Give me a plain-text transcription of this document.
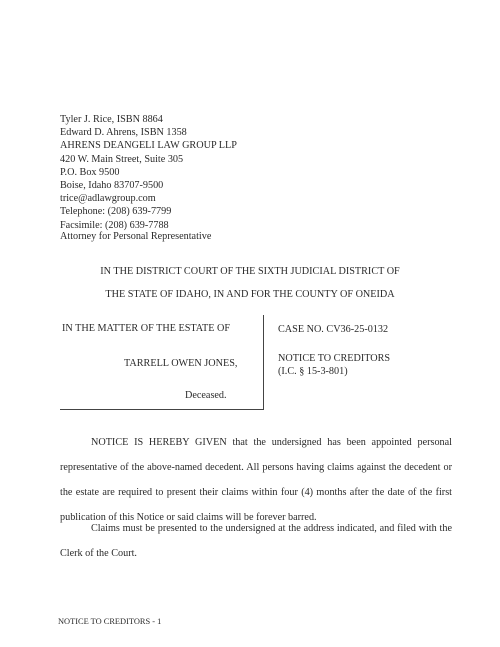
Tyler J. Rice, ISBN 8864
Edward D. Ahrens, ISBN 1358
AHRENS DEANGELI LAW GROUP LLP
420 W. Main Street, Suite 305
P.O. Box 9500
Boise, Idaho 83707-9500
trice@adlawgroup.com
Telephone: (208) 639-7799
Facsimile: (208) 639-7788
Attorney for Personal Representative
IN THE DISTRICT COURT OF THE SIXTH JUDICIAL DISTRICT OF
THE STATE OF IDAHO, IN AND FOR THE COUNTY OF ONEIDA
IN THE MATTER OF THE ESTATE OF
TARRELL OWEN JONES,
Deceased.
CASE NO. CV36-25-0132
NOTICE TO CREDITORS
(I.C. § 15-3-801)

NOTICE IS HEREBY GIVEN that the undersigned has been appointed personal representative of the above-named decedent. All persons having claims against the decedent or the estate are required to present their claims within four (4) months after the date of the first publication of this Notice or said claims will be forever barred.

Claims must be presented to the undersigned at the address indicated, and filed with the Clerk of the Court.

NOTICE TO CREDITORS - 1
